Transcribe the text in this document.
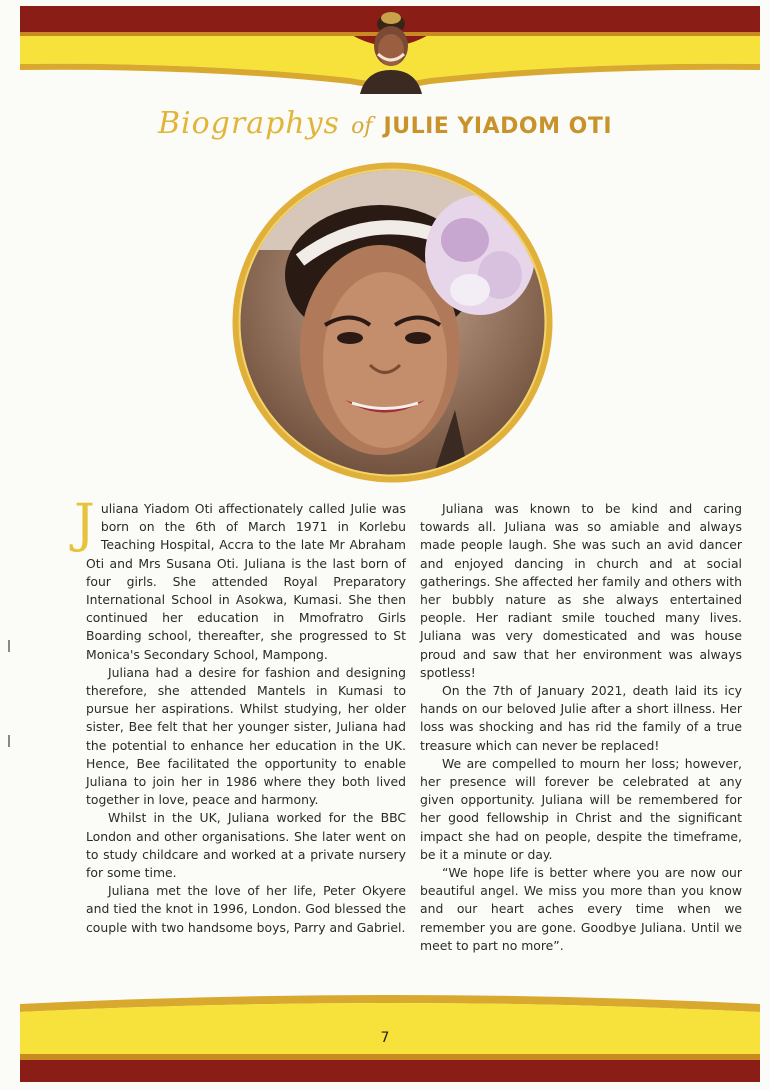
Biographys of JULIE YIADOM OTI

Juliana Yiadom Oti affectionately called Julie was born on the 6th of March 1971 in Korlebu Teaching Hospital, Accra to the late Mr Abraham Oti and Mrs Susana Oti. Juliana is the last born of four girls. She attended Royal Preparatory International School in Asokwa, Kumasi. She then continued her education in Mmofratro Girls Boarding school, thereafter, she progressed to St Monica's Secondary School, Mampong.

Juliana had a desire for fashion and designing therefore, she attended Mantels in Kumasi to pursue her aspirations. Whilst studying, her older sister, Bee felt that her younger sister, Juliana had the potential to enhance her education in the UK. Hence, Bee facilitated the opportunity to enable Juliana to join her in 1986 where they both lived together in love, peace and harmony.

Whilst in the UK, Juliana worked for the BBC London and other organisations. She later went on to study childcare and worked at a private nursery for some time.

Juliana met the love of her life, Peter Okyere and tied the knot in 1996, London. God blessed the couple with two handsome boys, Parry and Gabriel.

Juliana was known to be kind and caring towards all. Juliana was so amiable and always made people laugh. She was such an avid dancer and enjoyed dancing in church and at social gatherings. She affected her family and others with her bubbly nature as she always entertained people. Her radiant smile touched many lives. Juliana was very domesticated and was house proud and saw that her environment was always spotless!

On the 7th of January 2021, death laid its icy hands on our beloved Julie after a short illness. Her loss was shocking and has rid the family of a true treasure which can never be replaced!

We are compelled to mourn her loss; however, her presence will forever be celebrated at any given opportunity. Juliana will be remembered for her good fellowship in Christ and the significant impact she had on people, despite the timeframe, be it a minute or day.

“We hope life is better where you are now our beautiful angel. We miss you more than you know and our heart aches every time when we remember you are gone. Goodbye Juliana. Until we meet to part no more”.

7
